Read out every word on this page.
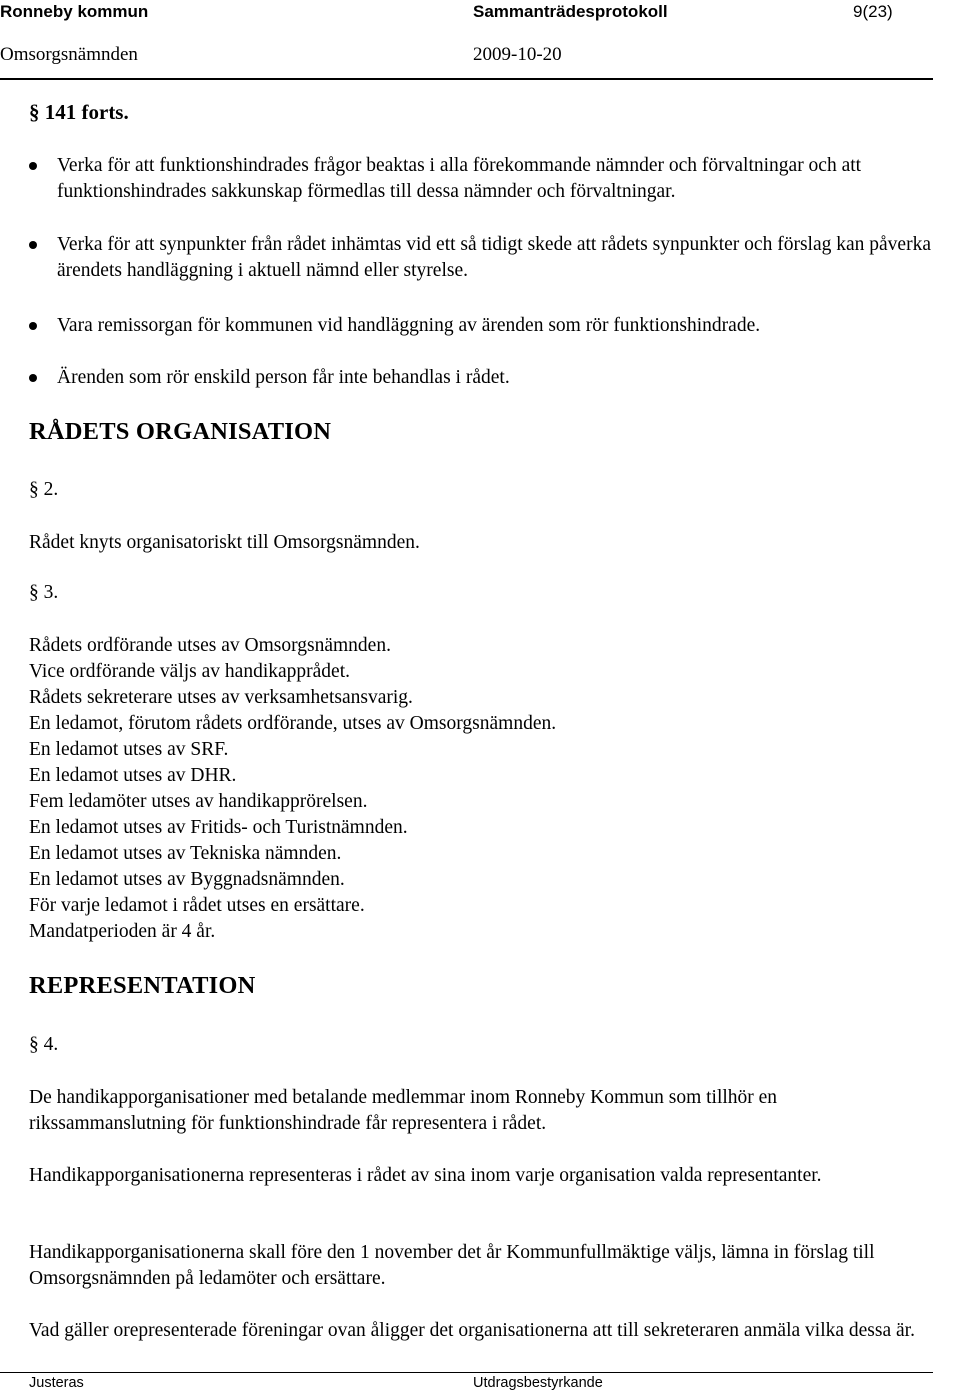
Ronneby kommun	Sammanträdesprotokoll	9(23)
Omsorgsnämnden	2009-10-20
§ 141 forts.
Verka för att funktionshindrades frågor beaktas i alla förekommande nämnder och förvaltningar och att funktionshindrades sakkunskap förmedlas till dessa nämnder och förvaltningar.
Verka för att synpunkter från rådet inhämtas vid ett så tidigt skede att rådets synpunkter och förslag kan påverka ärendets handläggning i aktuell nämnd eller styrelse.
Vara remissorgan för kommunen vid handläggning av ärenden som rör funktionshindrade.
Ärenden som rör enskild person får inte behandlas i rådet.
RÅDETS ORGANISATION
§ 2.
Rådet knyts organisatoriskt till Omsorgsnämnden.
§ 3.
Rådets ordförande utses av Omsorgsnämnden.
Vice ordförande väljs av handikapprådet.
Rådets sekreterare utses av verksamhetsansvarig.
En ledamot, förutom rådets ordförande, utses av Omsorgsnämnden.
En ledamot utses av SRF.
En ledamot utses av DHR.
Fem ledamöter utses av handikapprörelsen.
En ledamot utses av Fritids- och Turistnämnden.
En ledamot utses av Tekniska nämnden.
En ledamot utses av Byggnadsnämnden.
För varje ledamot i rådet utses en ersättare.
Mandatperioden är 4 år.
REPRESENTATION
§ 4.
De handikapporganisationer med betalande medlemmar inom Ronneby Kommun som tillhör en rikssammanslutning för funktionshindrade får representera i rådet.
Handikapporganisationerna representeras i rådet av sina inom varje organisation valda representanter.
Handikapporganisationerna skall före den 1 november det år Kommunfullmäktige väljs, lämna in förslag till Omsorgsnämnden på ledamöter och ersättare.
Vad gäller orepresenterade föreningar ovan åligger det organisationerna att till sekreteraren anmäla vilka dessa är.
Justeras	Utdragsbestyrkande
